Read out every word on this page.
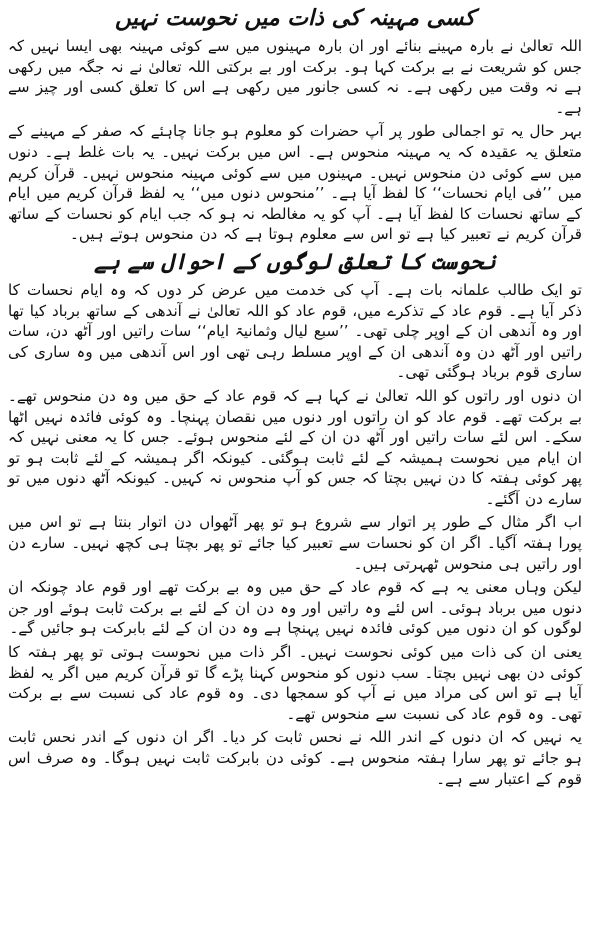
کسی مہینہ کی ذات میں نحوست نہیں

اللہ تعالیٰ نے بارہ مہینے بنائے اور ان بارہ مہینوں میں سے کوئی مہینہ بھی ایسا نہیں کہ جس کو شریعت نے بے برکت کہا ہو۔ برکت اور بے برکتی اللہ تعالیٰ نے نہ جگہ میں رکھی ہے نہ وقت میں رکھی ہے۔ نہ کسی جانور میں رکھی ہے اس کا تعلق کسی اور چیز سے ہے۔

بہر حال یہ تو اجمالی طور پر آپ حضرات کو معلوم ہو جانا چاہئے کہ صفر کے مہینے کے متعلق یہ عقیدہ کہ یہ مہینہ منحوس ہے۔ اس میں برکت نہیں۔ یہ بات غلط ہے۔ دنوں میں سے کوئی دن منحوس نہیں۔ مہینوں میں سے کوئی مہینہ منحوس نہیں۔ قرآن کریم میں ’’فی ایام نحسات‘‘ کا لفظ آیا ہے۔ ’’منحوس دنوں میں‘‘ یہ لفظ قرآن کریم میں ایام کے ساتھ نحسات کا لفظ آیا ہے۔ آپ کو یہ مغالطہ نہ ہو کہ جب ایام کو نحسات کے ساتھ قرآن کریم نے تعبیر کیا ہے تو اس سے معلوم ہوتا ہے کہ دن منحوس ہوتے ہیں۔

نحوست کا تعلق لوگوں کے احوال سے ہے

تو ایک طالب علمانہ بات ہے۔ آپ کی خدمت میں عرض کر دوں کہ وہ ایام نحسات کا ذکر آیا ہے۔ قوم عاد کے تذکرے میں، قوم عاد کو اللہ تعالیٰ نے آندھی کے ساتھ برباد کیا تھا اور وہ آندھی ان کے اوپر چلی تھی۔ ’’سبع لیال وثمانیۃ ایام‘‘ سات راتیں اور آٹھ دن، سات راتیں اور آٹھ دن وہ آندھی ان کے اوپر مسلط رہی تھی اور اس آندھی میں وہ ساری کی ساری قوم برباد ہوگئی تھی۔

ان دنوں اور راتوں کو اللہ تعالیٰ نے کہا ہے کہ قوم عاد کے حق میں وہ دن منحوس تھے۔ بے برکت تھے۔ قوم عاد کو ان راتوں اور دنوں میں نقصان پہنچا۔ وہ کوئی فائدہ نہیں اٹھا سکے۔ اس لئے سات راتیں اور آٹھ دن ان کے لئے منحوس ہوئے۔ جس کا یہ معنی نہیں کہ ان ایام میں نحوست ہمیشہ کے لئے ثابت ہوگئی۔ کیونکہ اگر ہمیشہ کے لئے ثابت ہو تو پھر کوئی ہفتہ کا دن نہیں بچتا کہ جس کو آپ منحوس نہ کہیں۔ کیونکہ آٹھ دنوں میں تو سارے دن آگئے۔

اب اگر مثال کے طور پر اتوار سے شروع ہو تو پھر آٹھواں دن اتوار بنتا ہے تو اس میں پورا ہفتہ آگیا۔ اگر ان کو نحسات سے تعبیر کیا جائے تو پھر بچتا ہی کچھ نہیں۔ سارے دن اور راتیں ہی منحوس ٹھہرتی ہیں۔

لیکن وہاں معنی یہ ہے کہ قوم عاد کے حق میں وہ بے برکت تھے اور قوم عاد چونکہ ان دنوں میں برباد ہوئی۔ اس لئے وہ راتیں اور وہ دن ان کے لئے بے برکت ثابت ہوئے اور جن لوگوں کو ان دنوں میں کوئی فائدہ نہیں پہنچا ہے وہ دن ان کے لئے بابرکت ہو جائیں گے۔

یعنی ان کی ذات میں کوئی نحوست نہیں۔ اگر ذات میں نحوست ہوتی تو پھر ہفتہ کا کوئی دن بھی نہیں بچتا۔ سب دنوں کو منحوس کہنا پڑے گا تو قرآن کریم میں اگر یہ لفظ آیا ہے تو اس کی مراد میں نے آپ کو سمجھا دی۔ وہ قوم عاد کی نسبت سے بے برکت تھی۔ وہ قوم عاد کی نسبت سے منحوس تھے۔

یہ نہیں کہ ان دنوں کے اندر اللہ نے نحس ثابت کر دیا۔ اگر ان دنوں کے اندر نحس ثابت ہو جائے تو پھر سارا ہفتہ منحوس ہے۔ کوئی دن بابرکت ثابت نہیں ہوگا۔ وہ صرف اس قوم کے اعتبار سے ہے۔
